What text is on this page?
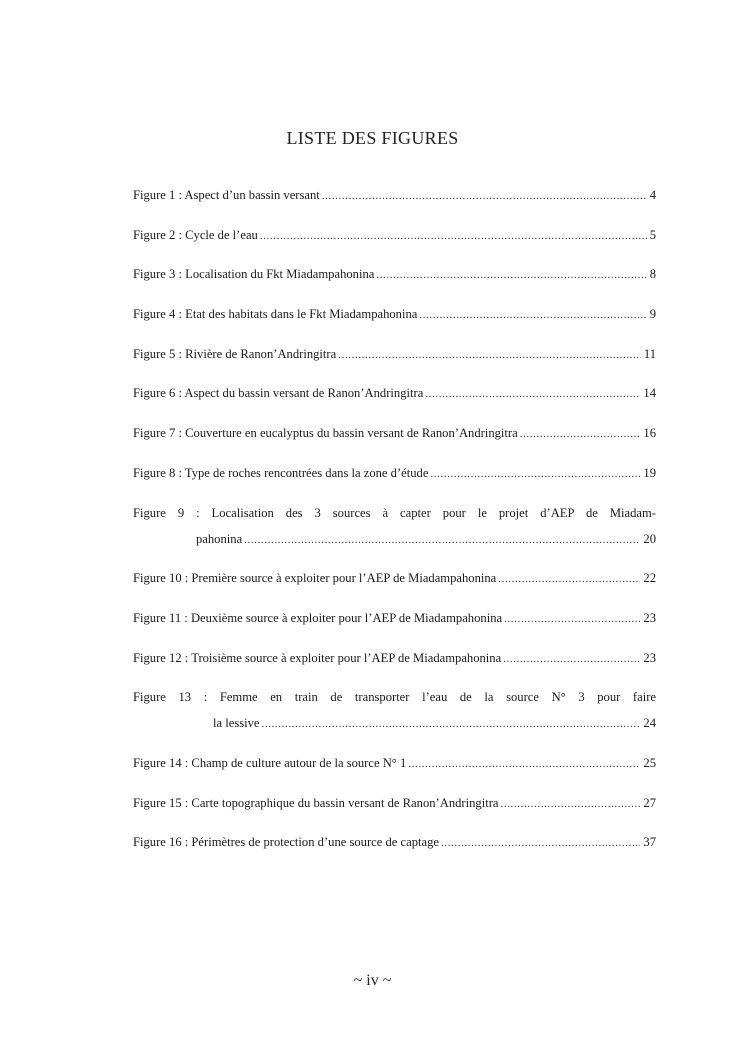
LISTE DES FIGURES
Figure 1 : Aspect d’un bassin versant .....	4
Figure 2 : Cycle de l’eau .....	5
Figure 3 : Localisation du Fkt Miadampahonina .....	8
Figure 4 : Etat des habitats dans le Fkt Miadampahonina .....	9
Figure 5 : Rivière de Ranon’Andringitra .....	11
Figure 6 : Aspect du bassin versant de Ranon’Andringitra .....	14
Figure 7 : Couverture en eucalyptus du bassin versant de Ranon’Andringitra .....	16
Figure 8 : Type de roches rencontrées dans la zone d’étude .....	19
Figure 9 : Localisation des 3 sources à capter pour le projet d’AEP de Miadam-
pahonina .....	20
Figure 10 : Première source à exploiter pour l’AEP de Miadampahonina .....	22
Figure 11 : Deuxième source à exploiter pour l’AEP de Miadampahonina .....	23
Figure 12 : Troisième source à exploiter pour l’AEP de Miadampahonina .....	23
Figure 13 : Femme en train de transporter l’eau de la source N° 3 pour faire
la lessive .....	24
Figure 14 : Champ de culture autour de la source N° 1 .....	25
Figure 15 : Carte topographique du bassin versant de Ranon’Andringitra .....	27
Figure 16 : Périmètres de protection d’une source de captage .....	37
~ iv ~
